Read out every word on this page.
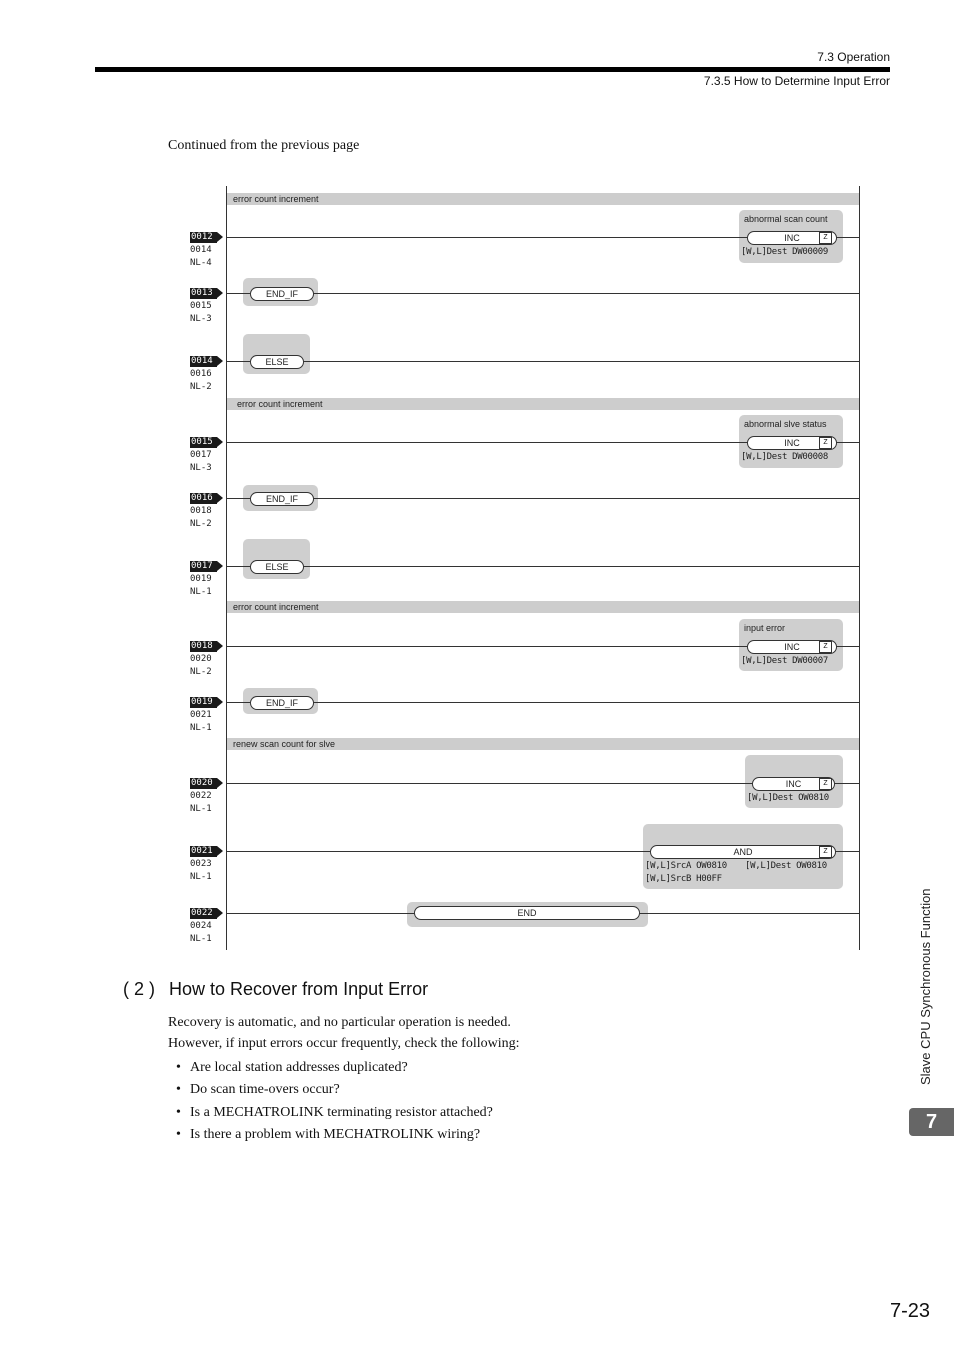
7.3 Operation
7.3.5 How to Determine Input Error
Continued from the previous page
error count increment
error count increment
error count increment
renew scan count for slve
0012
0014
NL-4
0013
0015
NL-3
0014
0016
NL-2
0015
0017
NL-3
0016
0018
NL-2
0017
0019
NL-1
0018
0020
NL-2
0019
0021
NL-1
0020
0022
NL-1
0021
0023
NL-1
0022
0024
NL-1
abnormal scan count
INC	Z
[W,L]Dest DW00009
END_IF
ELSE
abnormal slve status
INC	Z
[W,L]Dest DW00008
END_IF
ELSE
input error
INC	Z
[W,L]Dest DW00007
END_IF
INC	Z
[W,L]Dest OW0810
AND	Z
[W,L]SrcA OW0810 [W,L]Dest OW0810
[W,L]SrcB H00FF
END
( 2 ) How to Recover from Input Error
Recovery is automatic, and no particular operation is needed.
However, if input errors occur frequently, check the following:
Are local station addresses duplicated?
Do scan time-overs occur?
Is a MECHATROLINK terminating resistor attached?
Is there a problem with MECHATROLINK wiring?
Slave CPU Synchronous Function
7
7-23
